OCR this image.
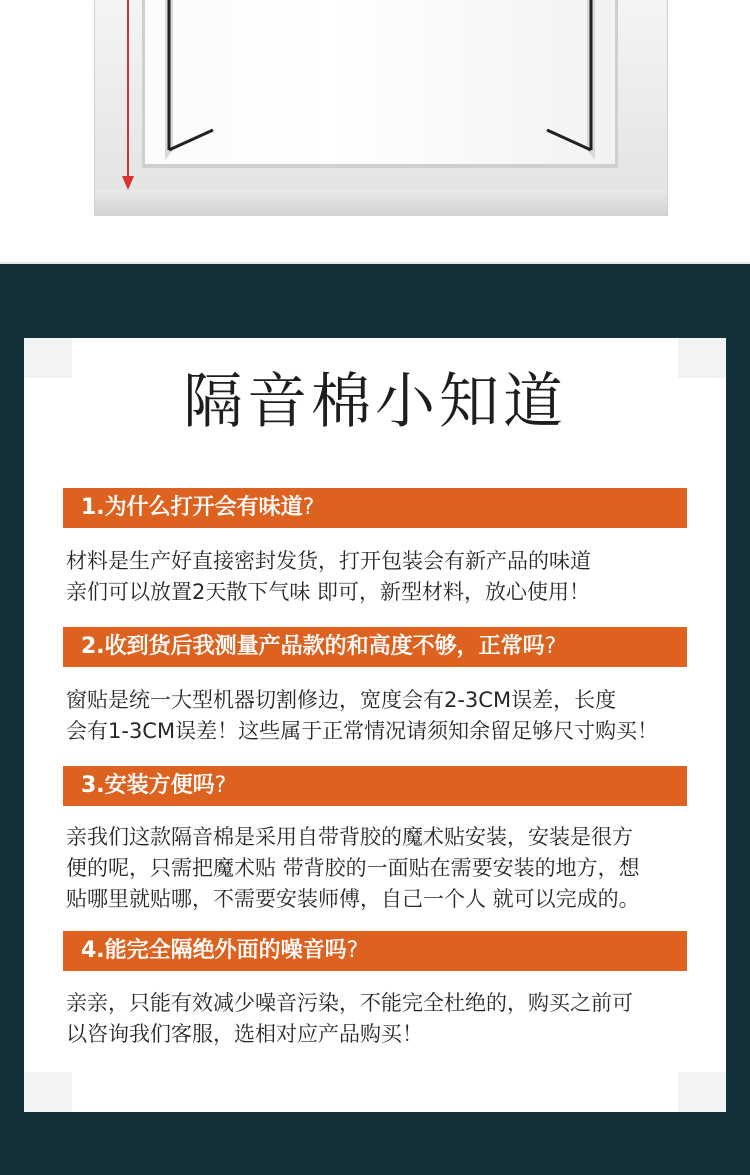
隔音棉小知道
1.为什么打开会有味道?
材料是生产好直接密封发货，打开包装会有新产品的味道
亲们可以放置2天散下气味 即可，新型材料，放心使用！
2.收到货后我测量产品款的和高度不够，正常吗?
窗贴是统一大型机器切割修边，宽度会有2-3CM误差，长度
会有1-3CM误差！这些属于正常情况请须知余留足够尺寸购买！
3.安装方便吗?
亲我们这款隔音棉是采用自带背胶的魔术贴安装，安装是很方
便的呢，只需把魔术贴 带背胶的一面贴在需要安装的地方，想
贴哪里就贴哪，不需要安装师傅，自己一个人 就可以完成的。
4.能完全隔绝外面的噪音吗?
亲亲，只能有效减少噪音污染，不能完全杜绝的，购买之前可
以咨询我们客服，选相对应产品购买！
